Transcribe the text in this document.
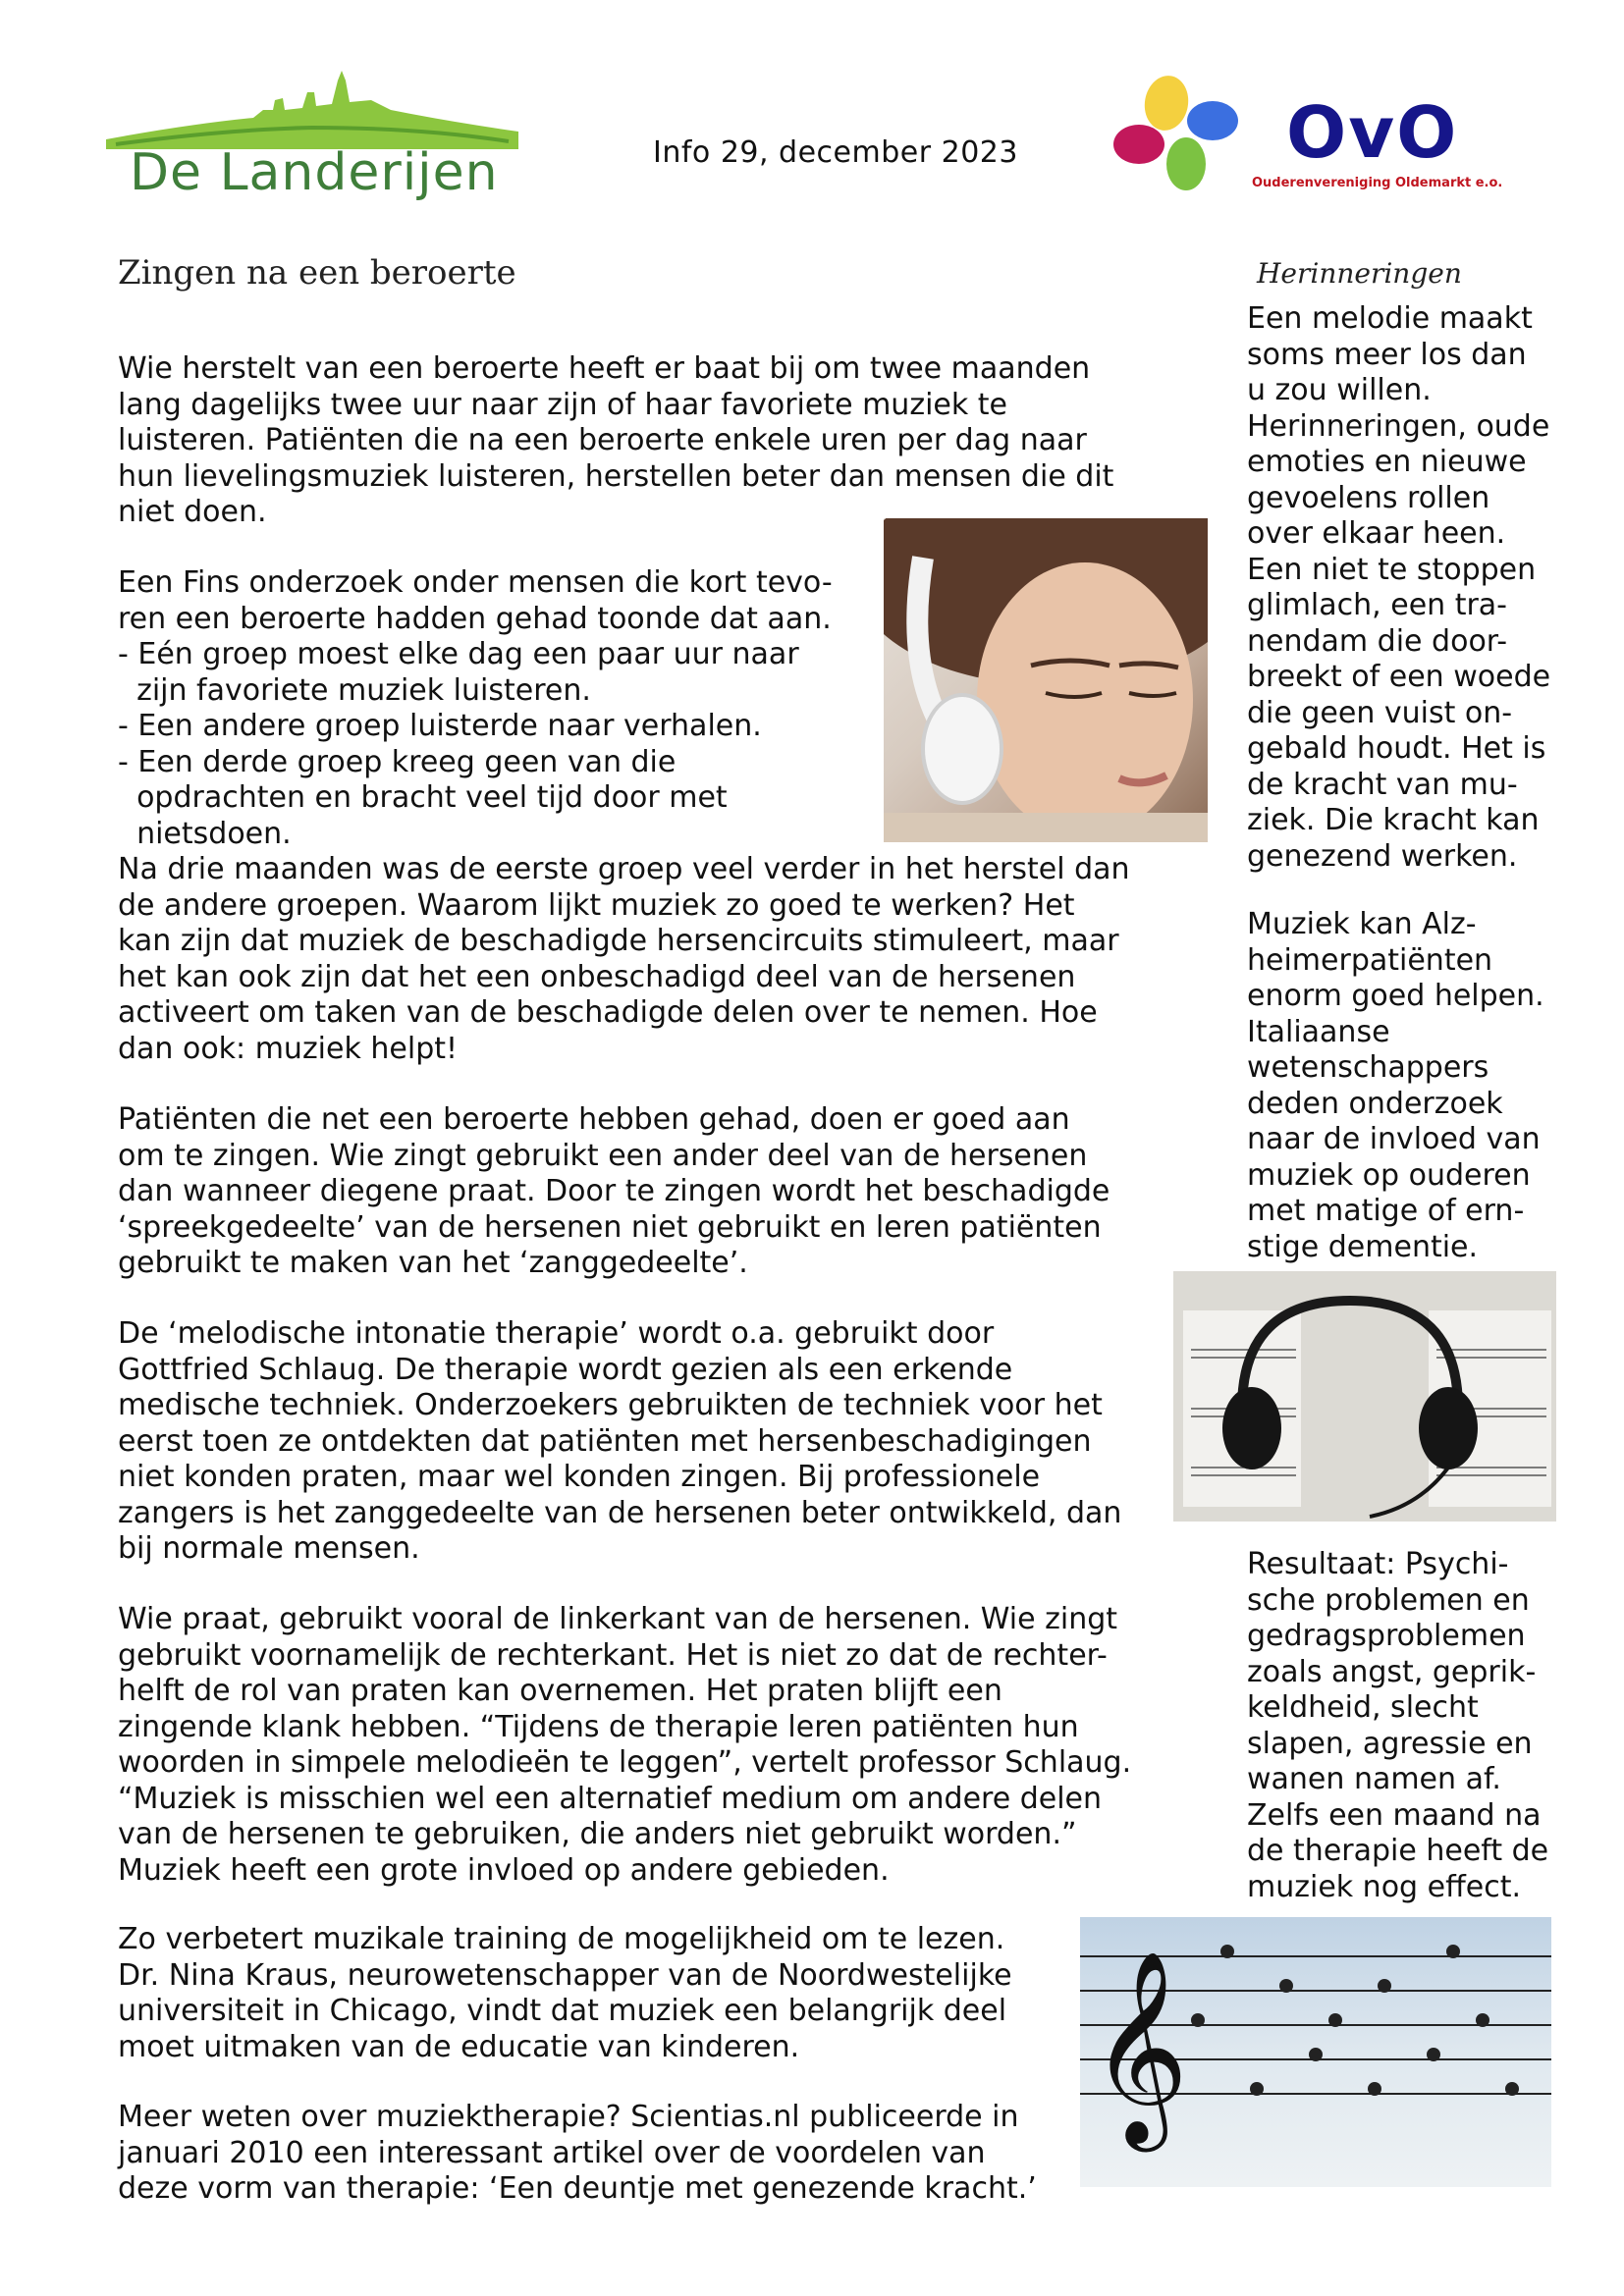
De Landerijen	Info 29, december 2023	OvO
Ouderenvereniging Oldemarkt e.o.
Zingen na een beroerte

Wie herstelt van een beroerte heeft er baat bij om twee maanden

lang dagelijks twee uur naar zijn of haar favoriete muziek te

luisteren. Patiënten die na een beroerte enkele uren per dag naar

hun lievelingsmuziek luisteren, herstellen beter dan mensen die dit

niet doen.

Een Fins onderzoek onder mensen die kort tevo-

ren een beroerte hadden gehad toonde dat aan.

- Eén groep moest elke dag een paar uur naar

zijn favoriete muziek luisteren.

- Een andere groep luisterde naar verhalen.

- Een derde groep kreeg geen van die

opdrachten en bracht veel tijd door met

nietsdoen.

Na drie maanden was de eerste groep veel verder in het herstel dan

de andere groepen. Waarom lijkt muziek zo goed te werken? Het

kan zijn dat muziek de beschadigde hersencircuits stimuleert, maar

het kan ook zijn dat het een onbeschadigd deel van de hersenen

activeert om taken van de beschadigde delen over te nemen. Hoe

dan ook: muziek helpt!

Patiënten die net een beroerte hebben gehad, doen er goed aan

om te zingen. Wie zingt gebruikt een ander deel van de hersenen

dan wanneer diegene praat. Door te zingen wordt het beschadigde

‘spreekgedeelte’ van de hersenen niet gebruikt en leren patiënten

gebruikt te maken van het ‘zanggedeelte’.

De ‘melodische intonatie therapie’ wordt o.a. gebruikt door

Gottfried Schlaug. De therapie wordt gezien als een erkende

medische techniek. Onderzoekers gebruikten de techniek voor het

eerst toen ze ontdekten dat patiënten met hersenbeschadigingen

niet konden praten, maar wel konden zingen. Bij professionele

zangers is het zanggedeelte van de hersenen beter ontwikkeld, dan

bij normale mensen.

Wie praat, gebruikt vooral de linkerkant van de hersenen. Wie zingt

gebruikt voornamelijk de rechterkant. Het is niet zo dat de rechter-

helft de rol van praten kan overnemen. Het praten blijft een

zingende klank hebben. “Tijdens de therapie leren patiënten hun

woorden in simpele melodieën te leggen”, vertelt professor Schlaug.

“Muziek is misschien wel een alternatief medium om andere delen

van de hersenen te gebruiken, die anders niet gebruikt worden.”

Muziek heeft een grote invloed op andere gebieden.

Zo verbetert muzikale training de mogelijkheid om te lezen.

Dr. Nina Kraus, neurowetenschapper van de Noordwestelijke

universiteit in Chicago, vindt dat muziek een belangrijk deel

moet uitmaken van de educatie van kinderen.

Meer weten over muziektherapie? Scientias.nl publiceerde in

januari 2010 een interessant artikel over de voordelen van

deze vorm van therapie: ‘Een deuntje met genezende kracht.’

Herinneringen
Een melodie maakt
soms meer los dan
u zou willen.
Herinneringen, oude
emoties en nieuwe
gevoelens rollen
over elkaar heen.
Een niet te stoppen
glimlach, een tra-
nendam die door-
breekt of een woede
die geen vuist on-
gebald houdt. Het is
de kracht van mu-
ziek. Die kracht kan
genezend werken.
Muziek kan Alz-
heimerpatiënten
enorm goed helpen.
Italiaanse
wetenschappers
deden onderzoek
naar de invloed van
muziek op ouderen
met matige of ern-
stige dementie.
Resultaat: Psychi-
sche problemen en
gedragsproblemen
zoals angst, geprik-
keldheid, slecht
slapen, agressie en
wanen namen af.
Zelfs een maand na
de therapie heeft de
muziek nog effect.
𝄞
